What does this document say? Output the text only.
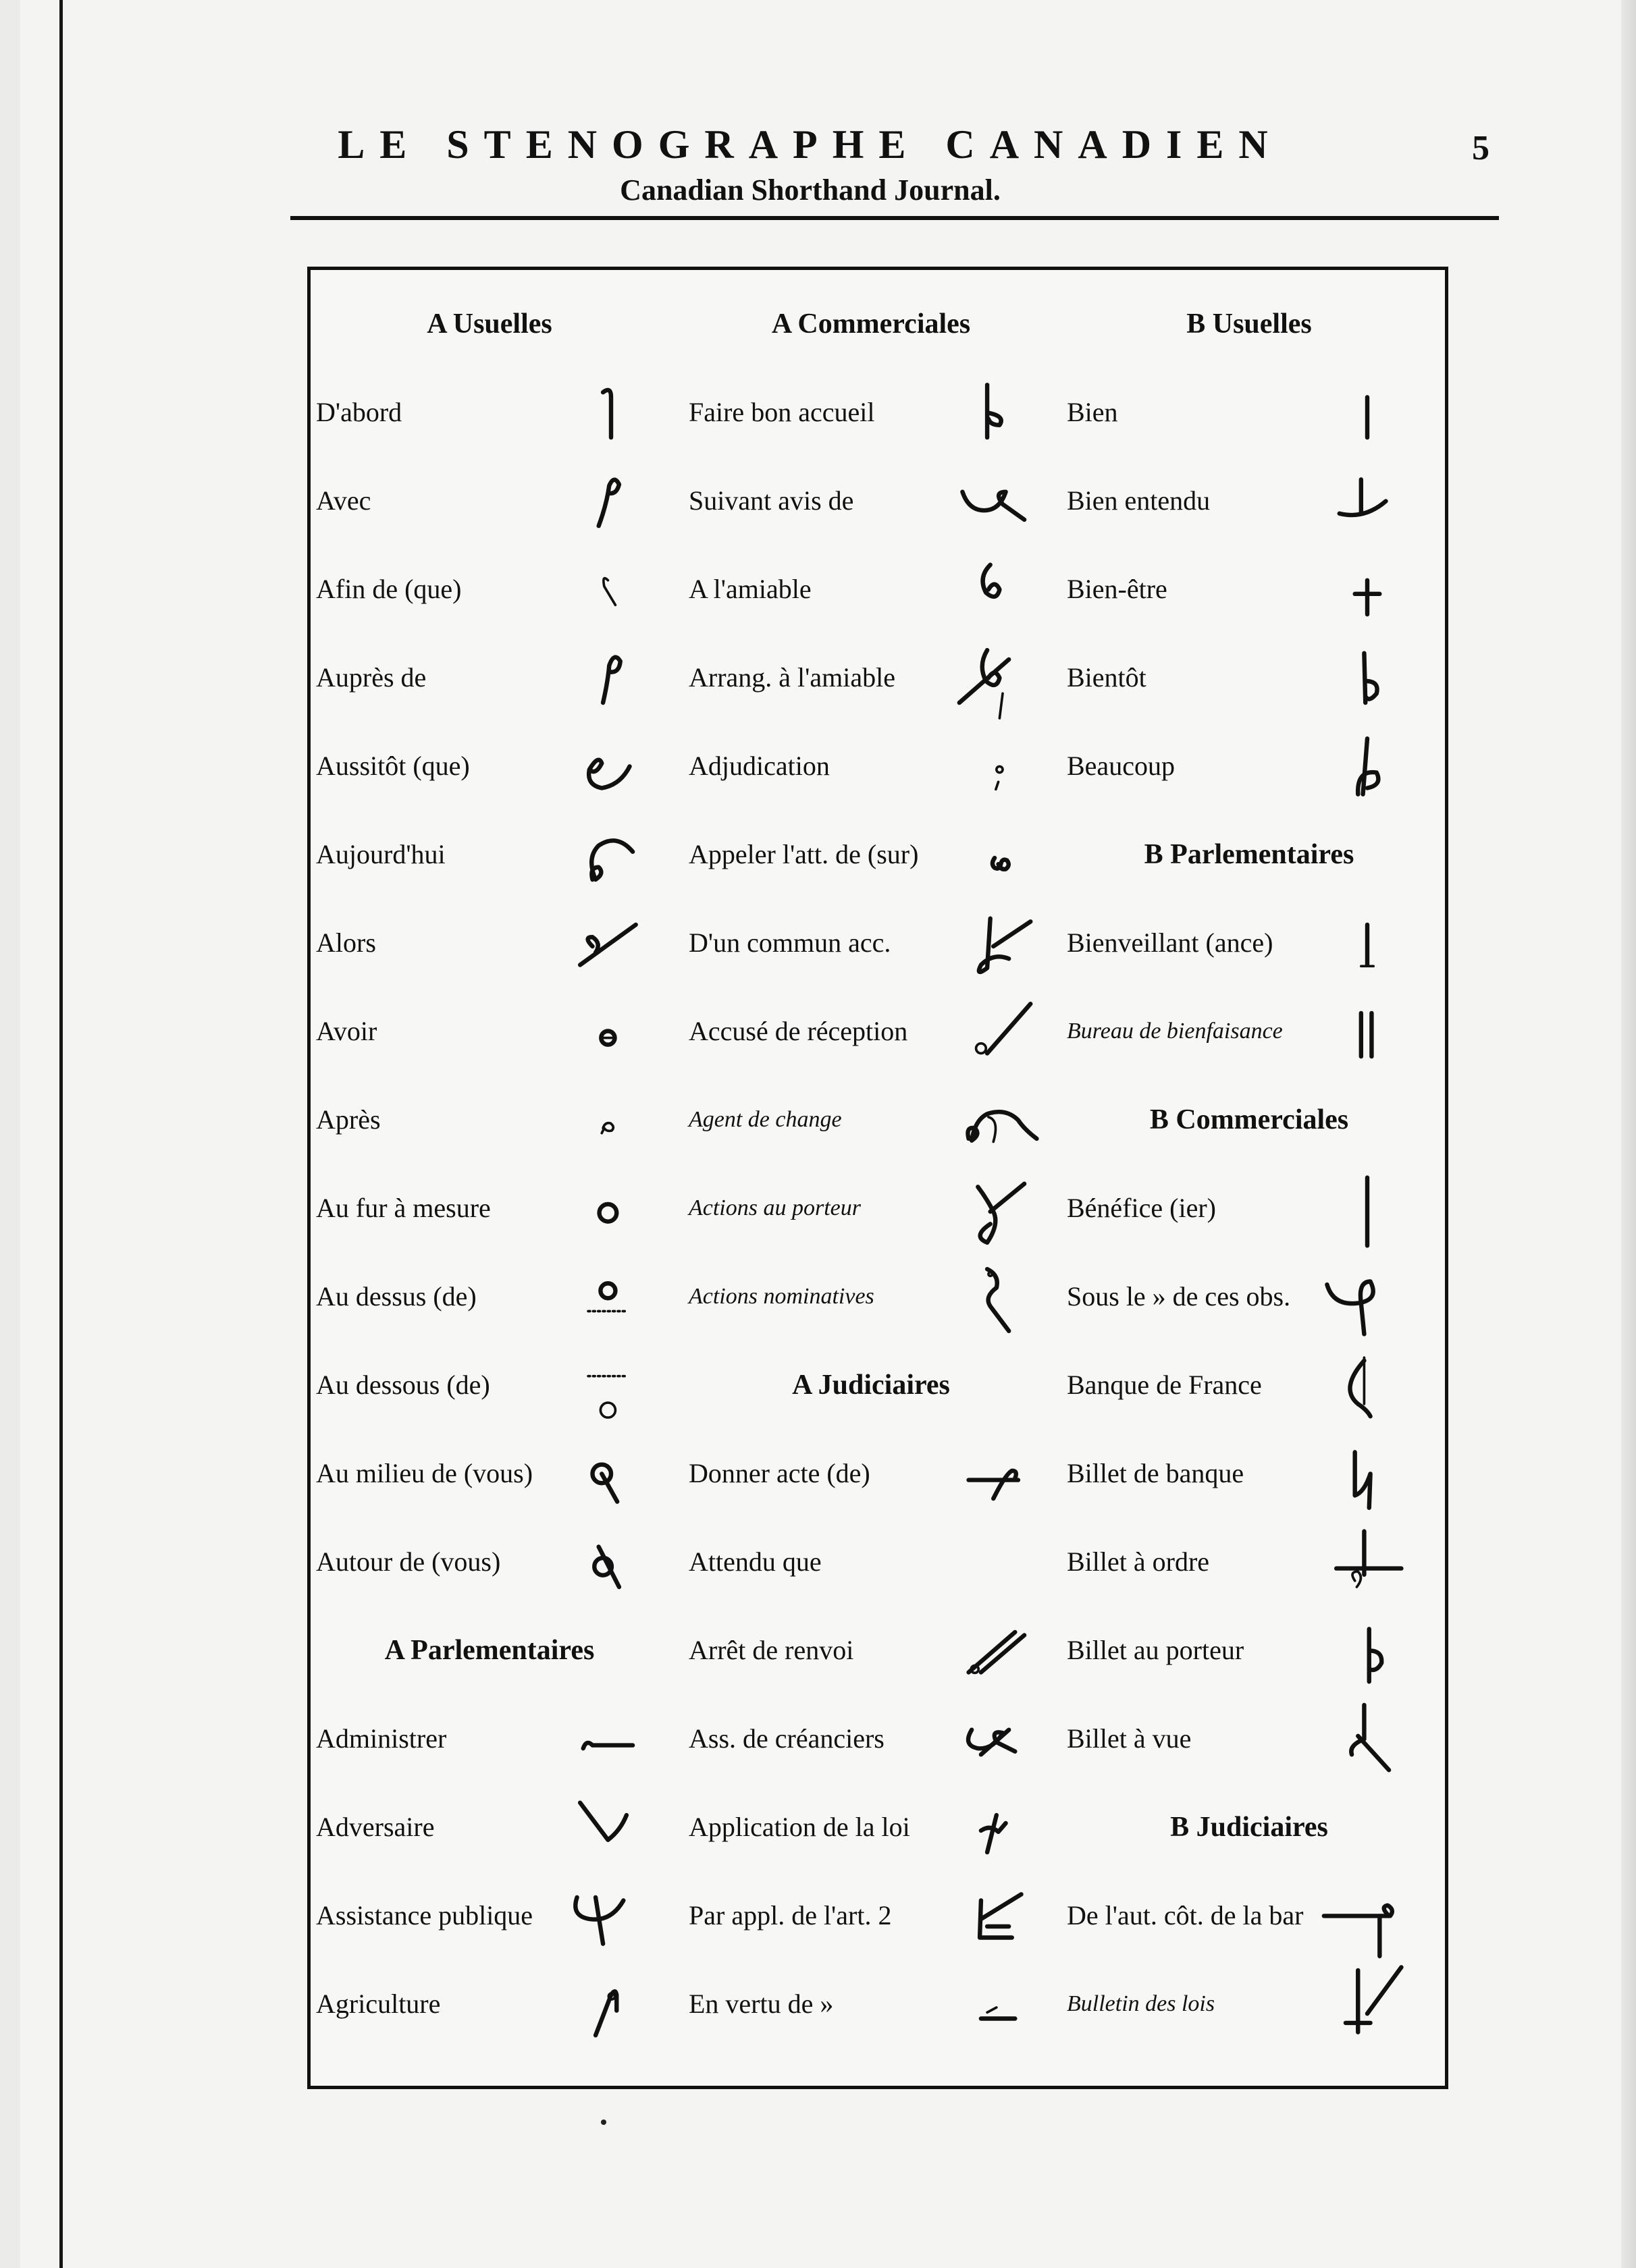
LE STENOGRAPHE CANADIEN
Canadian Shorthand Journal.
5
A Usuelles
D'abord
Avec
Afin de (que)
Auprès de
Aussitôt (que)
Aujourd'hui
Alors
Avoir
Après
Au fur à mesure
Au dessus (de)
Au dessous (de)
Au milieu de (vous)
Autour de (vous)
A Parlementaires
Administrer
Adversaire
Assistance publique
Agriculture
A Commerciales
Faire bon accueil
Suivant avis de
A l'amiable
Arrang. à l'amiable
Adjudication
Appeler l'att. de (sur)
D'un commun acc.
Accusé de réception
Agent de change
Actions au porteur
Actions nominatives
A Judiciaires
Donner acte (de)
Attendu que
Arrêt de renvoi
Ass. de créanciers
Application de la loi
Par appl. de l'art. 2
En vertu de »
B Usuelles
Bien
Bien entendu
Bien-être
Bientôt
Beaucoup
B Parlementaires
Bienveillant (ance)
Bureau de bienfaisance
B Commerciales
Bénéfice (ier)
Sous le » de ces obs.
Banque de France
Billet de banque
Billet à ordre
Billet au porteur
Billet à vue
B Judiciaires
De l'aut. côt. de la bar
Bulletin des lois
